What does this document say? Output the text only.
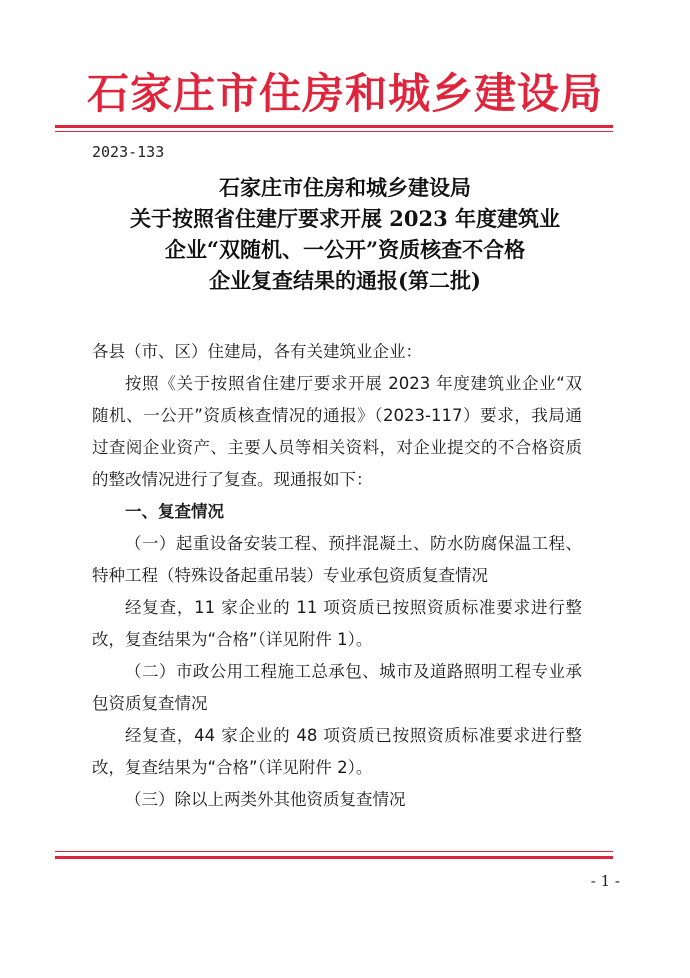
石家庄市住房和城乡建设局
2023-133
石家庄市住房和城乡建设局
关于按照省住建厅要求开展 2023 年度建筑业
企业“双随机、一公开”资质核查不合格
企业复查结果的通报(第二批)

各县（市、区）住建局，各有关建筑业企业：

按照《关于按照省住建厅要求开展 2023 年度建筑业企业“双随机、一公开”资质核查情况的通报》（2023-117）要求，我局通过查阅企业资产、主要人员等相关资料，对企业提交的不合格资质的整改情况进行了复查。现通报如下：

一、复查情况

（一）起重设备安装工程、预拌混凝土、防水防腐保温工程、特种工程（特殊设备起重吊装）专业承包资质复查情况

经复查，11 家企业的 11 项资质已按照资质标准要求进行整改，复查结果为“合格”（详见附件 1）。

（二）市政公用工程施工总承包、城市及道路照明工程专业承包资质复查情况

经复查，44 家企业的 48 项资质已按照资质标准要求进行整改，复查结果为“合格”（详见附件 2）。

（三）除以上两类外其他资质复查情况

- 1 -
